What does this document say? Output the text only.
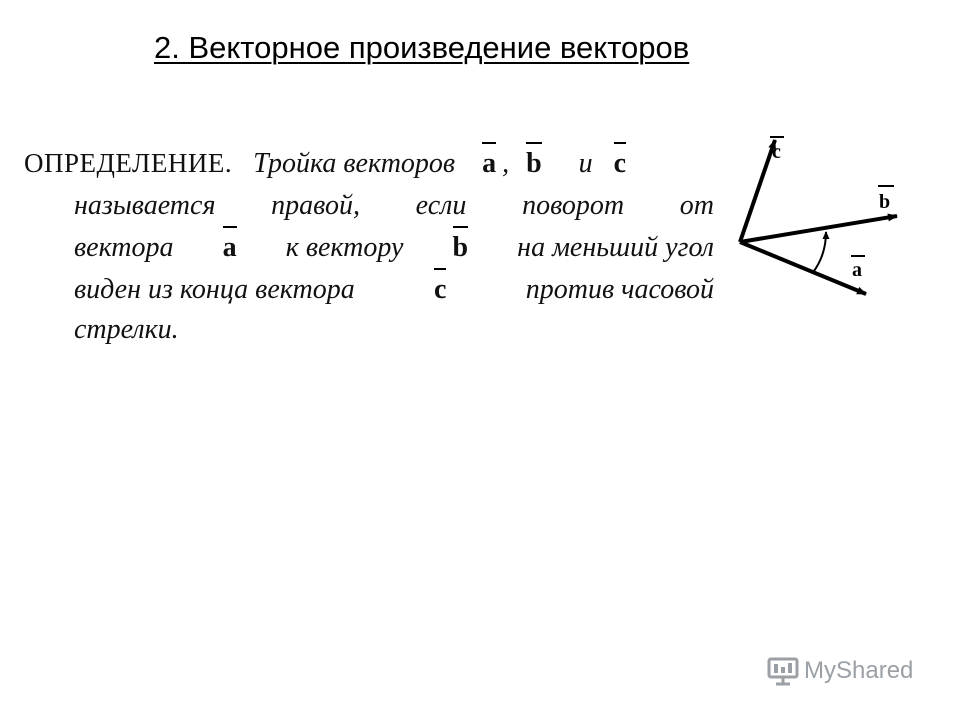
2. Векторное произведение векторов
ОПРЕДЕЛЕНИЕ. Тройка векторов a , b и c
называется правой, если поворот от
вектора a к вектору b на меньший угол
виден из конца вектора	c	против часовой
стрелки.
c
b
a
MyShared
